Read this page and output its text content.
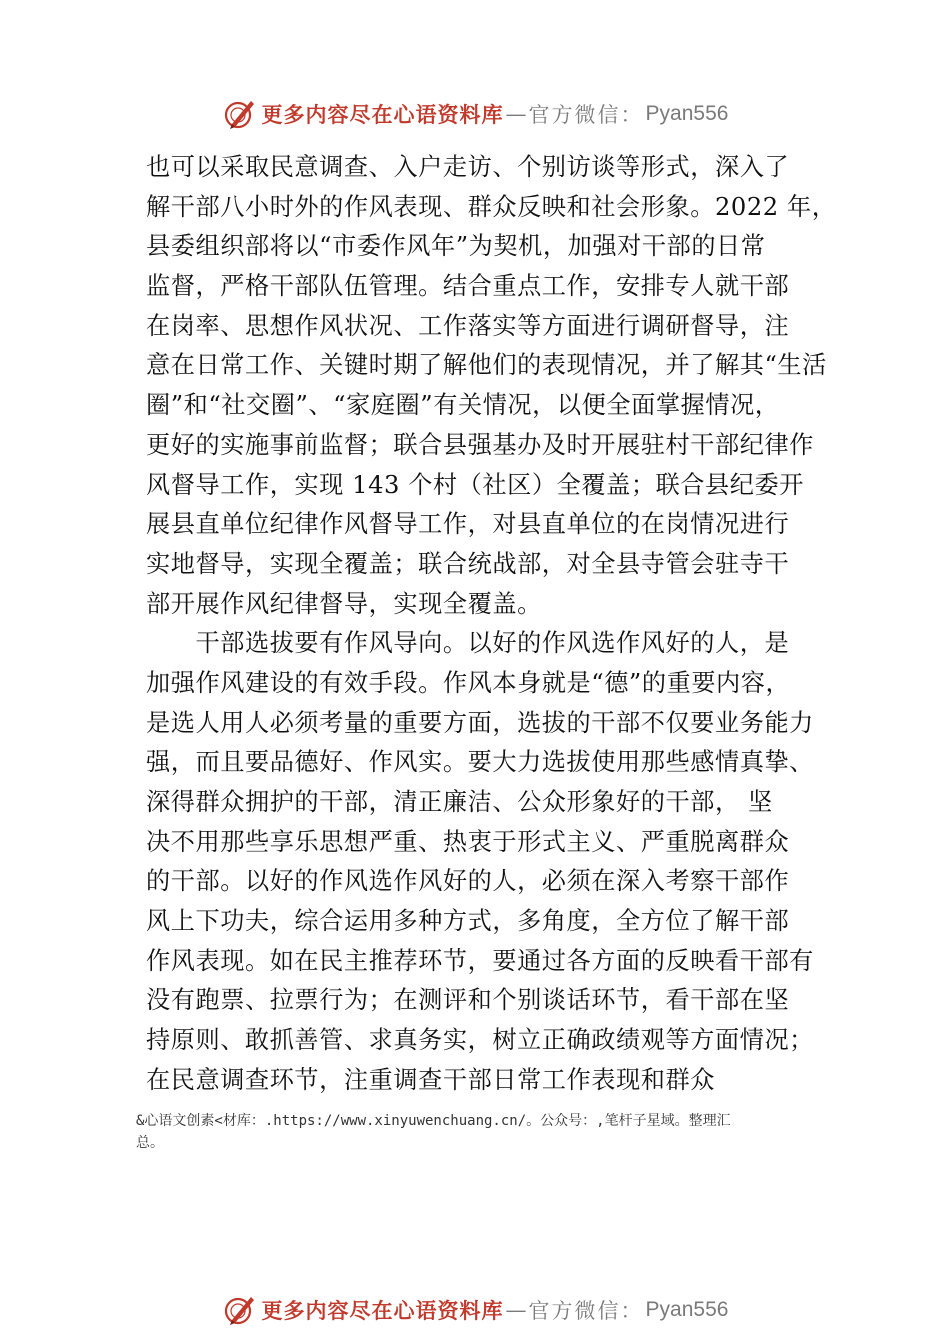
更多内容尽在心语资料库 — 官方微信： Pyan556
也可以采取民意调查、入户走访、个别访谈等形式，深入了
解干部八小时外的作风表现、群众反映和社会形象。2022 年，
县委组织部将以“市委作风年”为契机，加强对干部的日常
监督，严格干部队伍管理。结合重点工作，安排专人就干部
在岗率、思想作风状况、工作落实等方面进行调研督导，注
意在日常工作、关键时期了解他们的表现情况，并了解其“生活
圈”和“社交圈”、“家庭圈”有关情况，以便全面掌握情况，
更好的实施事前监督；联合县强基办及时开展驻村干部纪律作
风督导工作，实现 143 个村（社区）全覆盖；联合县纪委开
展县直单位纪律作风督导工作，对县直单位的在岗情况进行
实地督导，实现全覆盖；联合统战部，对全县寺管会驻寺干
部开展作风纪律督导，实现全覆盖。
　　干部选拔要有作风导向。以好的作风选作风好的人，是
加强作风建设的有效手段。作风本身就是“德”的重要内容，
是选人用人必须考量的重要方面，选拔的干部不仅要业务能力
强，而且要品德好、作风实。要大力选拔使用那些感情真挚、
深得群众拥护的干部，清正廉洁、公众形象好的干部， 坚
决不用那些享乐思想严重、热衷于形式主义、严重脱离群众
的干部。以好的作风选作风好的人，必须在深入考察干部作
风上下功夫，综合运用多种方式，多角度，全方位了解干部
作风表现。如在民主推荐环节，要通过各方面的反映看干部有
没有跑票、拉票行为；在测评和个别谈话环节，看干部在坚
持原则、敢抓善管、求真务实，树立正确政绩观等方面情况；
在民意调查环节，注重调查干部日常工作表现和群众
&心语文创素<材库：.https://www.xinyuwenchuang.cn/。公众号：,笔杆子星域。整理汇
总。
更多内容尽在心语资料库 — 官方微信： Pyan556
